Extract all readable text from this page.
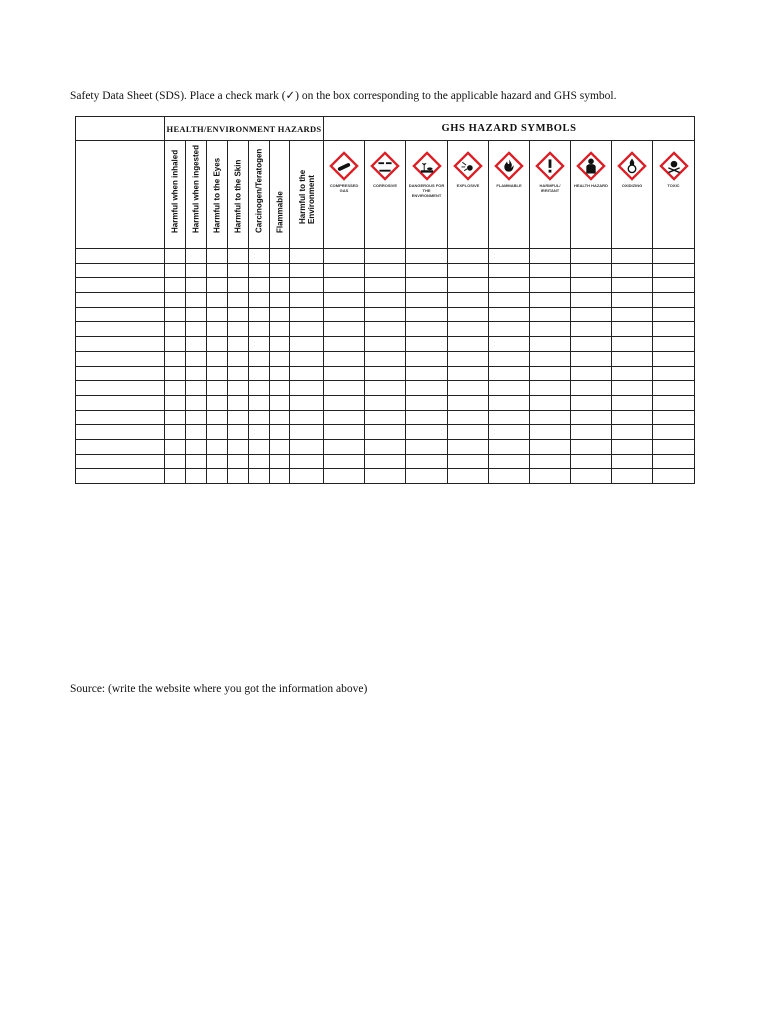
Safety Data Sheet (SDS). Place a check mark (✓) on the box corresponding to the applicable hazard and GHS symbol.
	HEALTH/ENVIRONMENT HAZARDS							GHS HAZARD SYMBOLS								

	Harmful when inhaled	Harmful when ingested	Harmful to the Eyes	Harmful to the Skin	Carcinogen/Teratogen	Flammable	Harmful to the Environment	COMPRESSED GAS	CORROSIVE	DANGEROUS FOR THE ENVIRONMENT	EXPLOSIVE	FLAMMABLE	HARMFUL/ IRRITANT	HEALTH HAZARD	OXIDIZING	TOXIC

Source: (write the website where you got the information above)
